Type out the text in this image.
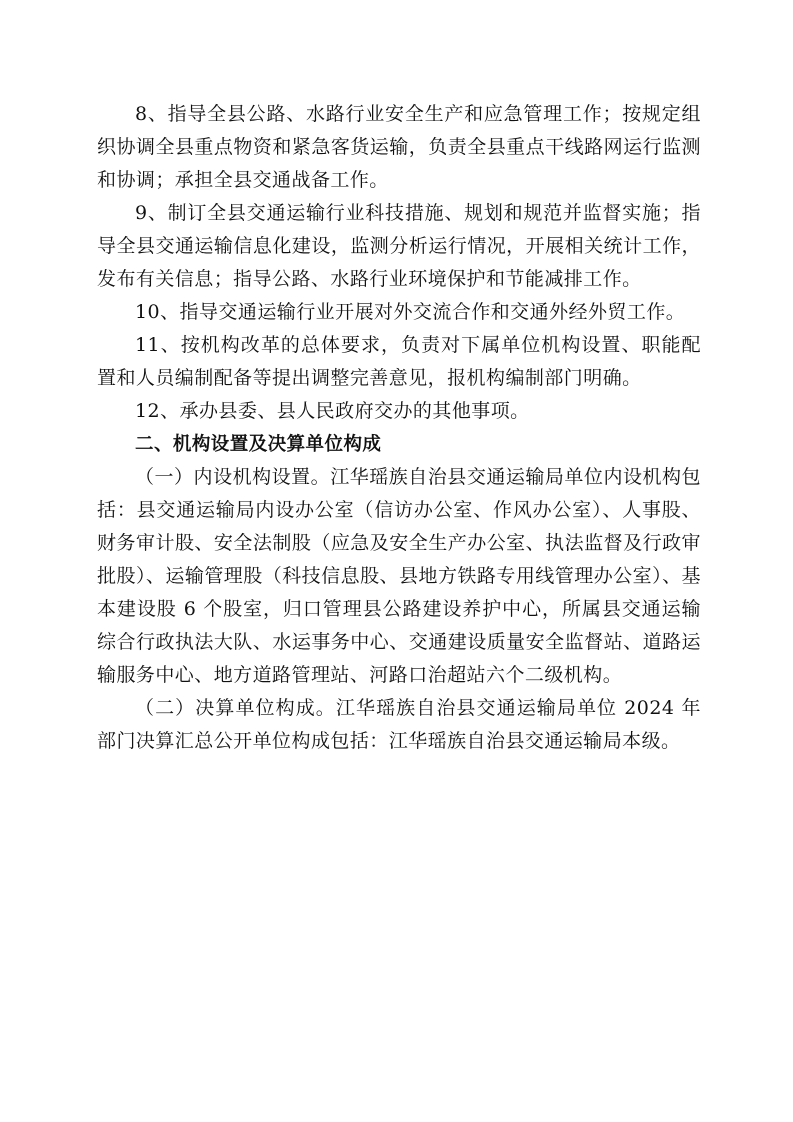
8、指导全县公路、水路行业安全生产和应急管理工作；按规定组织协调全县重点物资和紧急客货运输，负责全县重点干线路网运行监测和协调；承担全县交通战备工作。

9、制订全县交通运输行业科技措施、规划和规范并监督实施；指导全县交通运输信息化建设，监测分析运行情况，开展相关统计工作，发布有关信息；指导公路、水路行业环境保护和节能减排工作。

10、指导交通运输行业开展对外交流合作和交通外经外贸工作。

11、按机构改革的总体要求，负责对下属单位机构设置、职能配置和人员编制配备等提出调整完善意见，报机构编制部门明确。

12、承办县委、县人民政府交办的其他事项。

二、机构设置及决算单位构成

（一）内设机构设置。江华瑶族自治县交通运输局单位内设机构包括：县交通运输局内设办公室（信访办公室、作风办公室）、人事股、财务审计股、安全法制股（应急及安全生产办公室、执法监督及行政审批股）、运输管理股（科技信息股、县地方铁路专用线管理办公室）、基本建设股 6 个股室，归口管理县公路建设养护中心，所属县交通运输综合行政执法大队、水运事务中心、交通建设质量安全监督站、道路运输服务中心、地方道路管理站、河路口治超站六个二级机构。

（二）决算单位构成。江华瑶族自治县交通运输局单位 2024 年部门决算汇总公开单位构成包括：江华瑶族自治县交通运输局本级。
